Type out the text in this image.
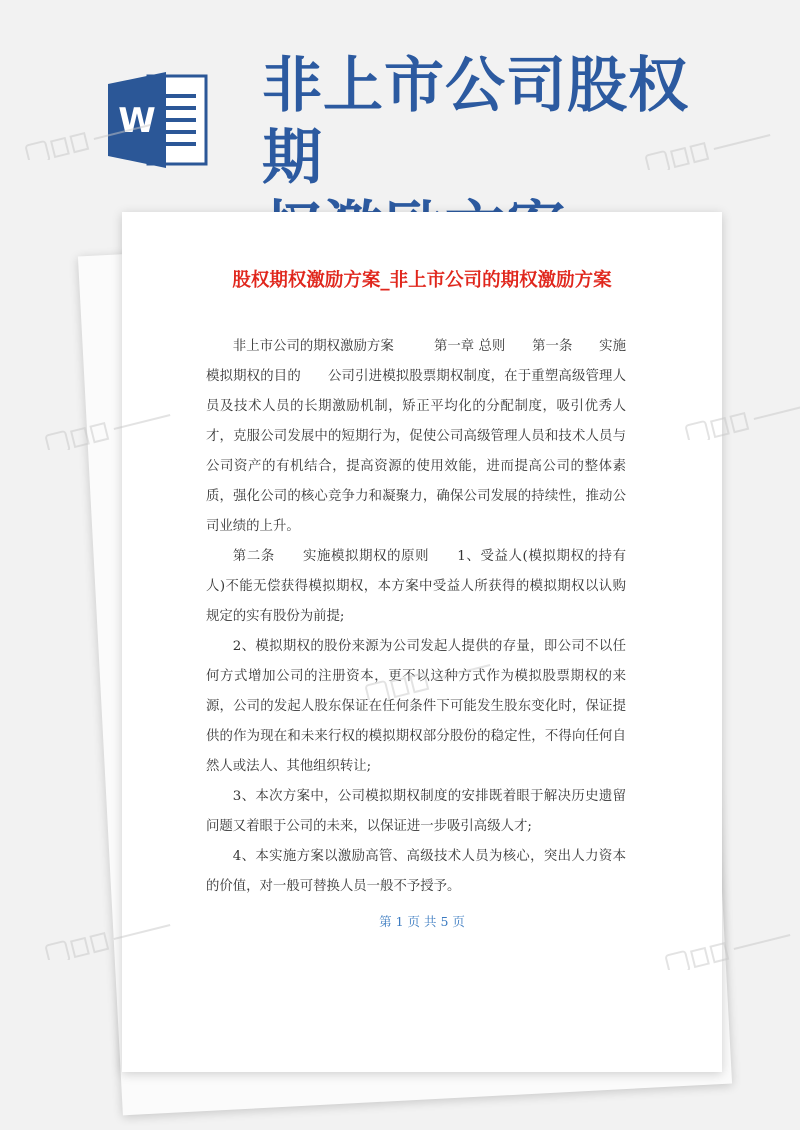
W 非上市公司股权期
股权期权激励方案_非上市公司的期权激励方案

非上市公司的期权激励方案　　　第一章 总则　　第一条　　实施模拟期权的目的　　公司引进模拟股票期权制度，在于重塑高级管理人员及技术人员的长期激励机制，矫正平均化的分配制度，吸引优秀人才，克服公司发展中的短期行为，促使公司高级管理人员和技术人员与公司资产的有机结合，提高资源的使用效能，进而提高公司的整体素质，强化公司的核心竞争力和凝聚力，确保公司发展的持续性，推动公司业绩的上升。

第二条　　实施模拟期权的原则　　1、受益人(模拟期权的持有人)不能无偿获得模拟期权，本方案中受益人所获得的模拟期权以认购规定的实有股份为前提;

2、模拟期权的股份来源为公司发起人提供的存量，即公司不以任何方式增加公司的注册资本，更不以这种方式作为模拟股票期权的来源，公司的发起人股东保证在任何条件下可能发生股东变化时，保证提供的作为现在和未来行权的模拟期权部分股份的稳定性，不得向任何自然人或法人、其他组织转让;

3、本次方案中，公司模拟期权制度的安排既着眼于解决历史遗留问题又着眼于公司的未来，以保证进一步吸引高级人才;

4、本实施方案以激励高管、高级技术人员为核心，突出人力资本的价值，对一般可替换人员一般不予授予。

第 1 页 共 5 页
